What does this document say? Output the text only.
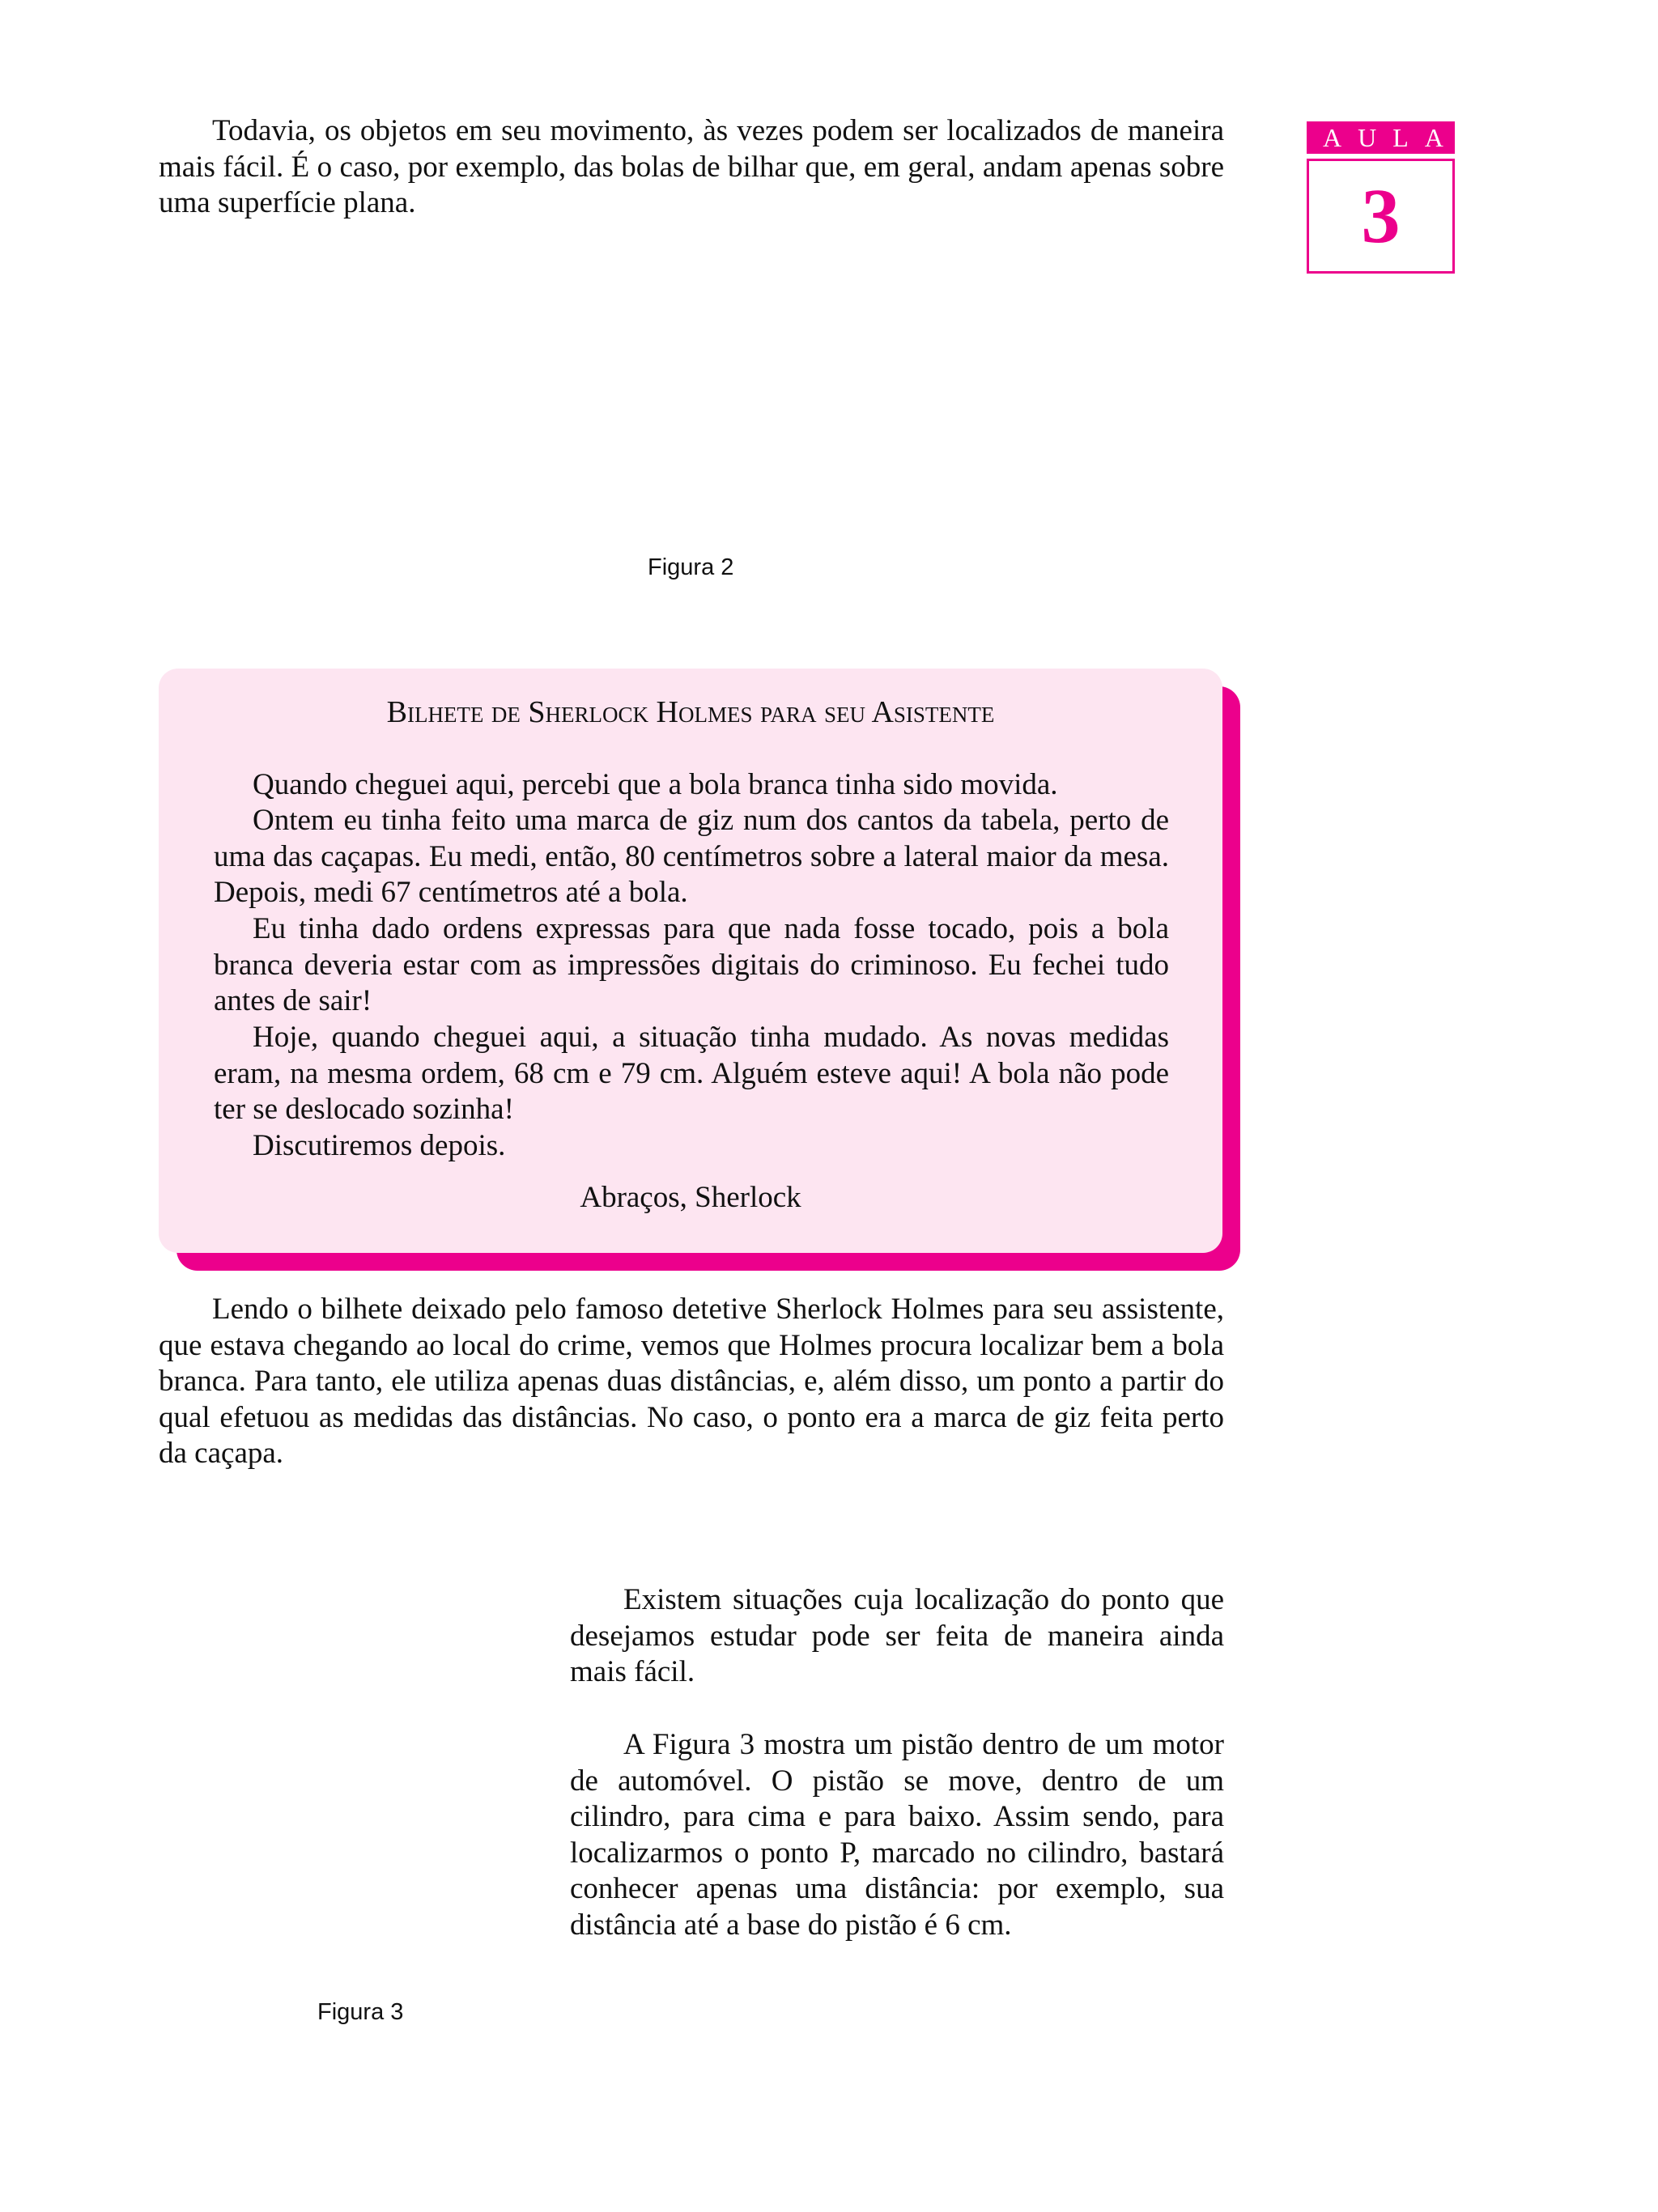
Todavia, os objetos em seu movimento, às vezes podem ser localizados de maneira mais fácil. É o caso, por exemplo, das bolas de bilhar que, em geral, andam apenas sobre uma superfície plana.

AULA
3
Figura 2

Bilhete de Sherlock Holmes para seu Asistente

Quando cheguei aqui, percebi que a bola branca tinha sido movida.

Ontem eu tinha feito uma marca de giz num dos cantos da tabela, perto de uma das caçapas. Eu medi, então, 80 centímetros sobre a lateral maior da mesa. Depois, medi 67 centímetros até a bola.

Eu tinha dado ordens expressas para que nada fosse tocado, pois a bola branca deveria estar com as impressões digitais do criminoso. Eu fechei tudo antes de sair!

Hoje, quando cheguei aqui, a situação tinha mudado. As novas medidas eram, na mesma ordem, 68 cm e 79 cm. Alguém esteve aqui! A bola não pode ter se deslocado sozinha!

Discutiremos depois.

Abraços, Sherlock

Lendo o bilhete deixado pelo famoso detetive Sherlock Holmes para seu assistente, que estava chegando ao local do crime, vemos que Holmes procura localizar bem a bola branca. Para tanto, ele utiliza apenas duas distâncias, e, além disso, um ponto a partir do qual efetuou as medidas das distâncias. No caso, o ponto era a marca de giz feita perto da caçapa.

Existem situações cuja localização do ponto que desejamos estudar pode ser feita de maneira ainda mais fácil.

A Figura 3 mostra um pistão dentro de um motor de automóvel. O pistão se move, dentro de um cilindro, para cima e para baixo. Assim sendo, para localizarmos o ponto P, marcado no cilindro, bastará conhecer apenas uma distância: por exemplo, sua distância até a base do pistão é 6 cm.

Figura 3
